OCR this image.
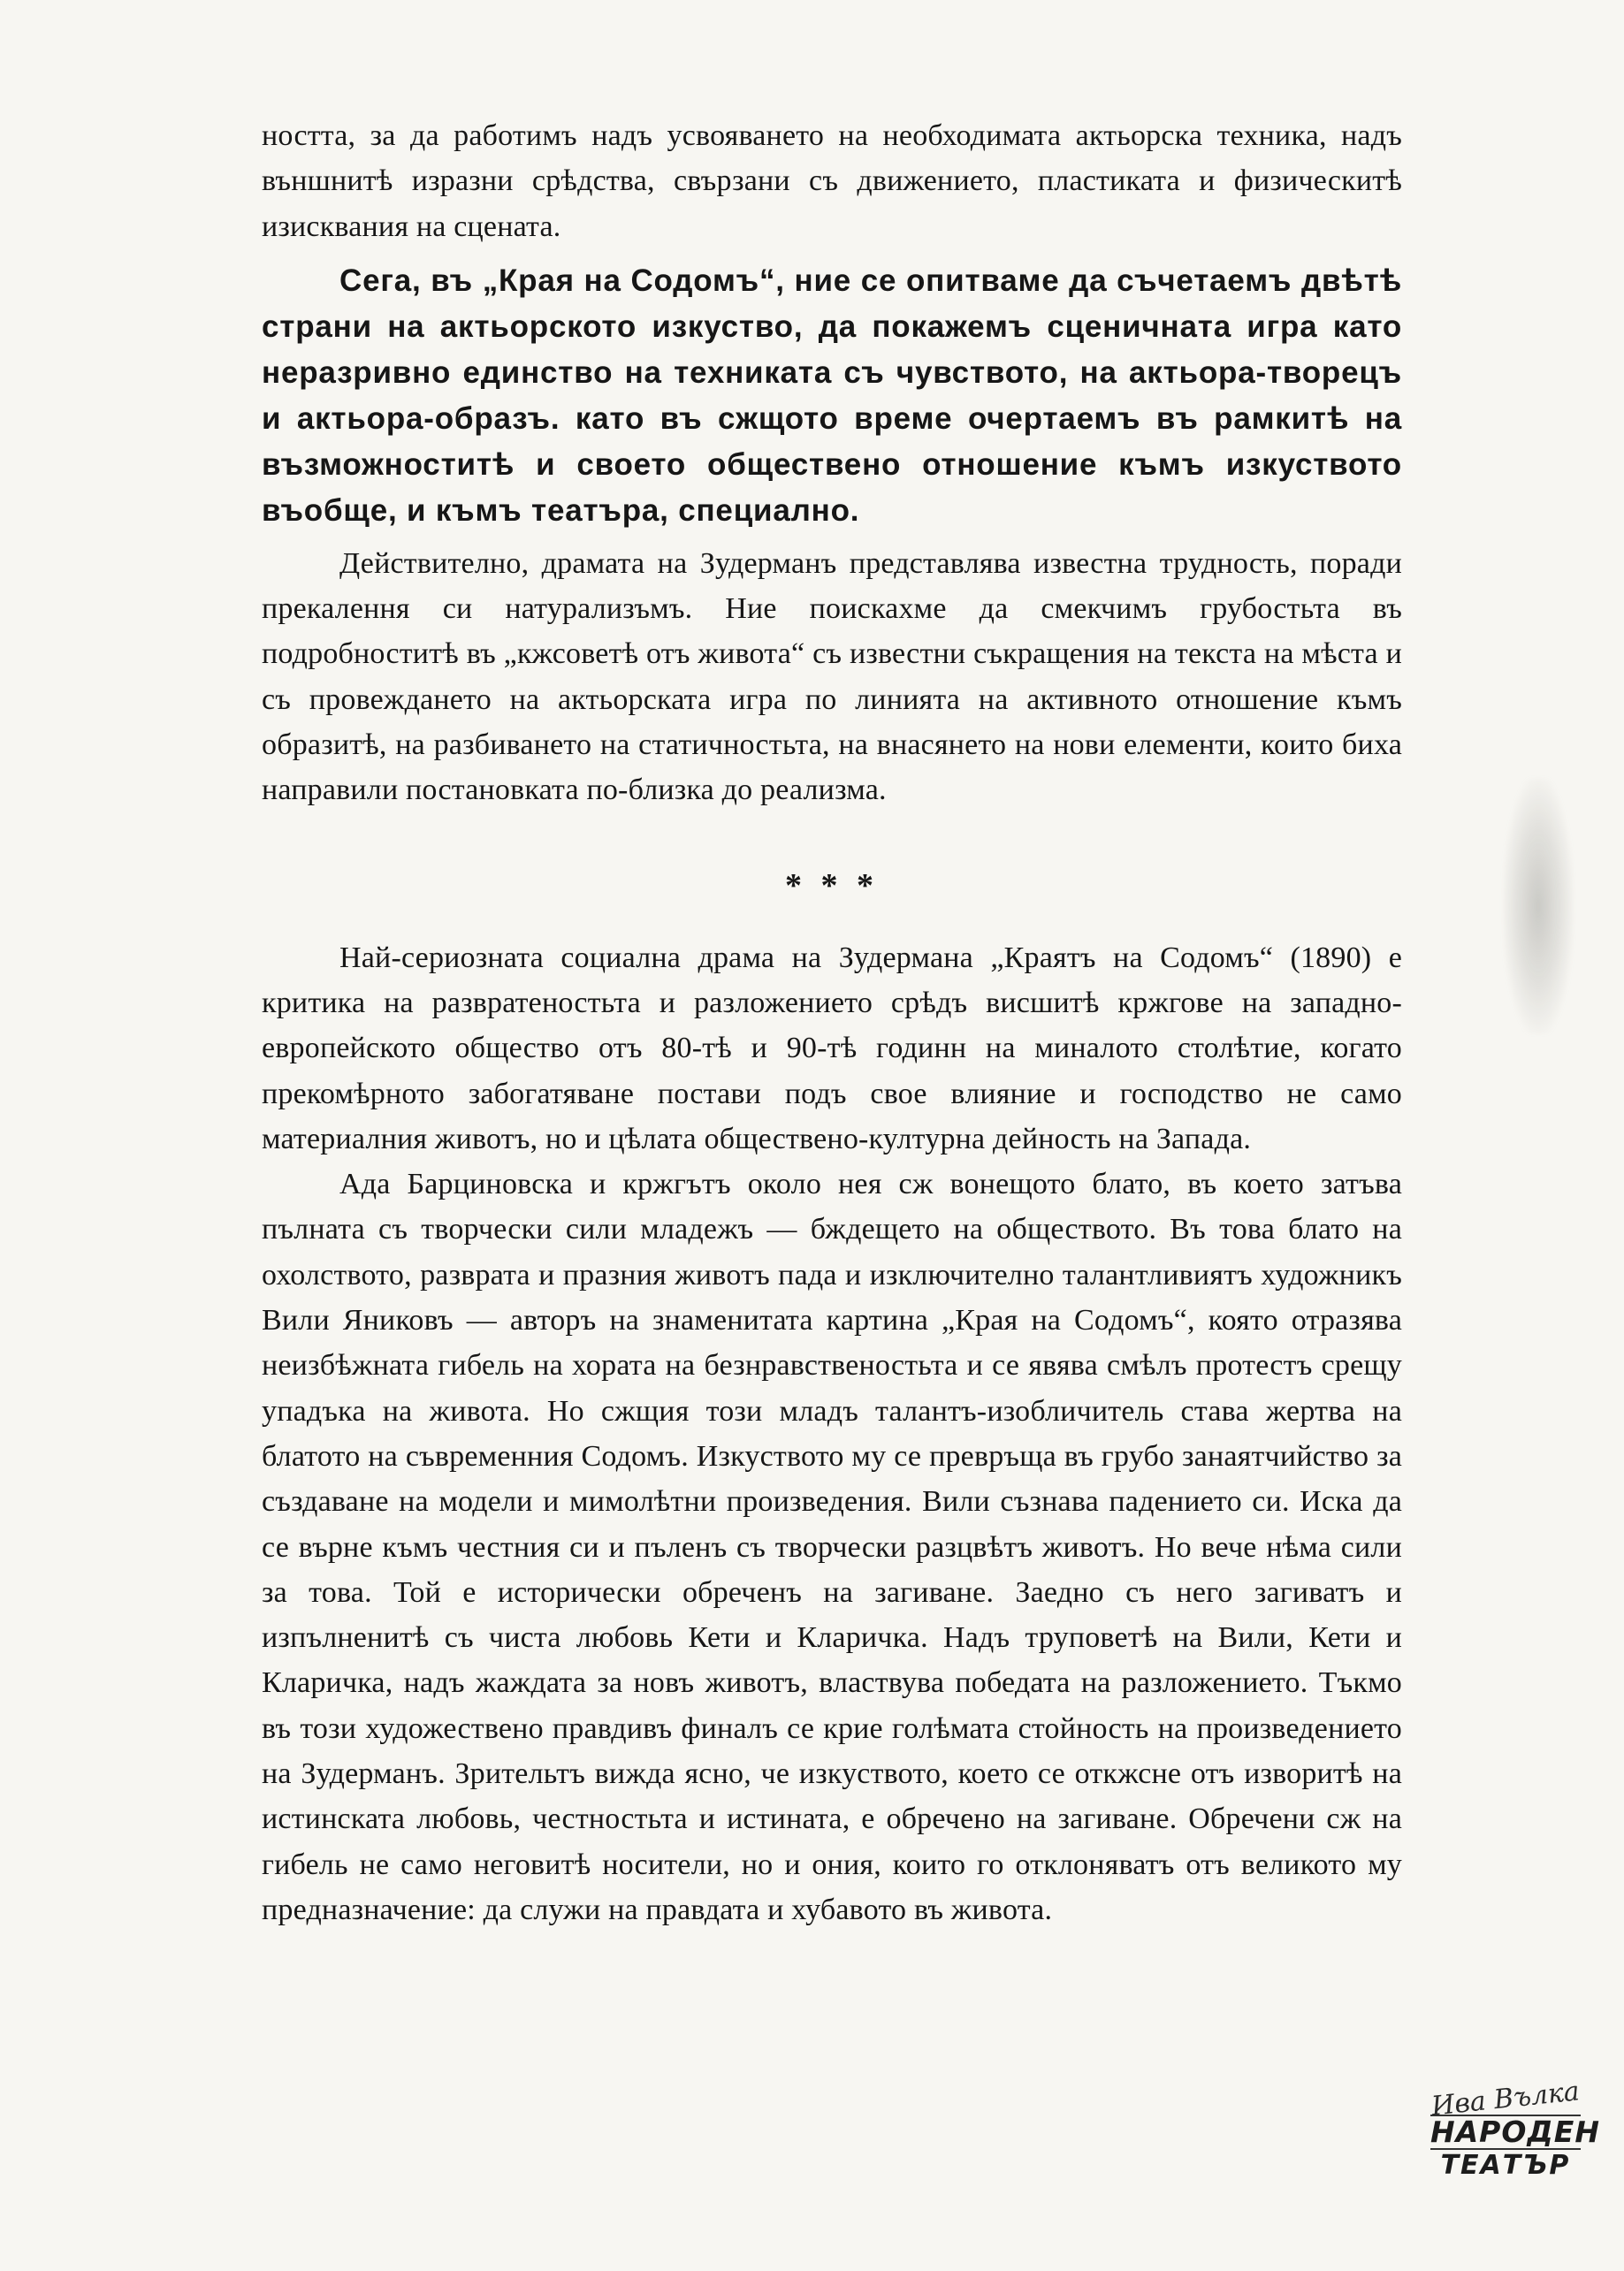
ността, за да работимъ надъ усвояването на необходимата актьорска техника, надъ външнитѣ изразни срѣдства, свързани съ движението, пластиката и физическитѣ изисквания на сцената.

Сега, въ „Края на Содомъ“, ние се опитваме да съчетаемъ двѣтѣ страни на актьорското изкуство, да покажемъ сценичната игра като неразривно единство на техниката съ чувството, на актьора-творецъ и актьора-образъ. като въ сжщото време очертаемъ въ рамкитѣ на възможноститѣ и своето обществено отношение къмъ изкуството въобще, и къмъ театъра, специално.

Действително, драмата на Зудерманъ представлява известна трудность, поради прекалення си натурализъмъ. Ние поискахме да смекчимъ грубостьта въ подробноститѣ въ „кжсоветѣ отъ живота“ съ известни съкращения на текста на мѣста и съ провеждането на актьорската игра по линията на активното отношение къмъ образитѣ, на разбиването на статичностьта, на внасянето на нови елементи, които биха направили постановката по-близка до реализма.

* * *

Най-сериозната социална драма на Зудермана „Краятъ на Содомъ“ (1890) е критика на развратеностьта и разложението срѣдъ висшитѣ кржгове на западно-европейското общество отъ 80-тѣ и 90-тѣ годинн на миналото столѣтие, когато прекомѣрното забогатяване постави подъ свое влияние и господство не само материалния животъ, но и цѣлата обществено-културна дейность на Запада.

Ада Барциновска и кржгътъ около нея сж вонещото блато, въ което затъва пълната съ творчески сили младежъ — бждещето на обществото. Въ това блато на охолството, разврата и празния животъ пада и изключително талантливиятъ художникъ Вили Яниковъ — авторъ на знаменитата картина „Края на Содомъ“, която отразява неизбѣжната гибель на хората на безнравственостьта и се явява смѣлъ протестъ срещу упадъка на живота. Но сжщия този младъ талантъ-изобличитель става жертва на блатото на съвременния Содомъ. Изкуството му се превръща въ грубо занаятчийство за създаване на модели и мимолѣтни произведения. Вили съзнава падението си. Иска да се върне къмъ честния си и пъленъ съ творчески разцвѣтъ животъ. Но вече нѣма сили за това. Той е исторически обреченъ на загиване. Заедно съ него загиватъ и изпълненитѣ съ чиста любовь Кети и Кларичка. Надъ труповетѣ на Вили, Кети и Кларичка, надъ жаждата за новъ животъ, властвува победата на разложението. Тъкмо въ този художествено правдивъ финалъ се крие голѣмата стойность на произведението на Зудерманъ. Зрительтъ вижда ясно, че изкуството, което се откжсне отъ изворитѣ на истинската любовь, честностьта и истината, е обречено на загиване. Обречени сж на гибель не само неговитѣ носители, но и ония, които го отклоняватъ отъ великото му предназначение: да служи на правдата и хубавото въ живота.

Ива Вълка
НАРОДЕН
ТЕАТЪР
